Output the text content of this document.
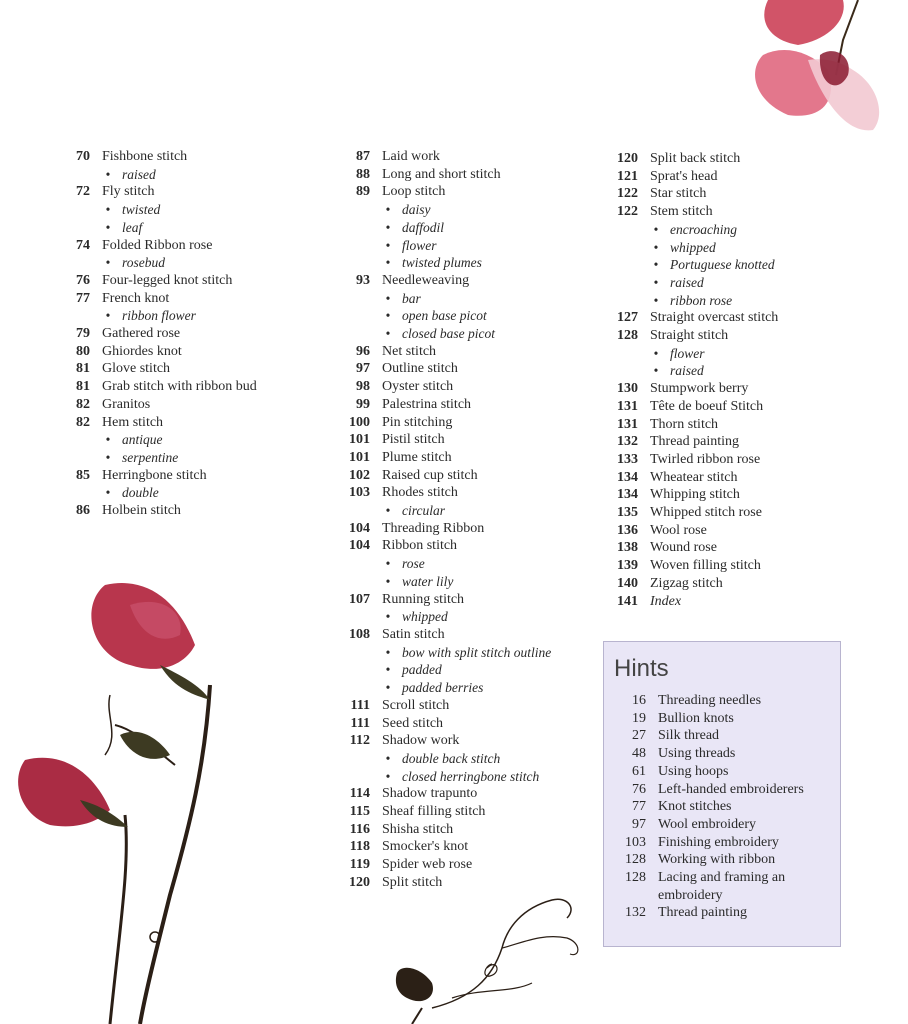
70 Fishbone stitch
• raised
72 Fly stitch
• twisted
• leaf
74 Folded Ribbon rose
• rosebud
76 Four-legged knot stitch
77 French knot
• ribbon flower
79 Gathered rose
80 Ghiordes knot
81 Glove stitch
81 Grab stitch with ribbon bud
82 Granitos
82 Hem stitch
• antique
• serpentine
85 Herringbone stitch
• double
86 Holbein stitch
87 Laid work
88 Long and short stitch
89 Loop stitch
• daisy
• daffodil
• flower
• twisted plumes
93 Needleweaving
• bar
• open base picot
• closed base picot
96 Net stitch
97 Outline stitch
98 Oyster stitch
99 Palestrina stitch
100 Pin stitching
101 Pistil stitch
101 Plume stitch
102 Raised cup stitch
103 Rhodes stitch
• circular
104 Threading Ribbon
104 Ribbon stitch
• rose
• water lily
107 Running stitch
• whipped
108 Satin stitch
• bow with split stitch outline
• padded
• padded berries
111 Scroll stitch
111 Seed stitch
112 Shadow work
• double back stitch
• closed herringbone stitch
114 Shadow trapunto
115 Sheaf filling stitch
116 Shisha stitch
118 Smocker's knot
119 Spider web rose
120 Split stitch
120 Split back stitch
121 Sprat's head
122 Star stitch
122 Stem stitch
• encroaching
• whipped
• Portuguese knotted
• raised
• ribbon rose
127 Straight overcast stitch
128 Straight stitch
• flower
• raised
130 Stumpwork berry
131 Tête de boeuf Stitch
131 Thorn stitch
132 Thread painting
133 Twirled ribbon rose
134 Wheatear stitch
134 Whipping stitch
135 Whipped stitch rose
136 Wool rose
138 Wound rose
139 Woven filling stitch
140 Zigzag stitch
141 Index
Hints
16 Threading needles
19 Bullion knots
27 Silk thread
48 Using threads
61 Using hoops
76 Left-handed embroiderers
77 Knot stitches
97 Wool embroidery
103 Finishing embroidery
128 Working with ribbon
128 Lacing and framing an embroidery
132 Thread painting
